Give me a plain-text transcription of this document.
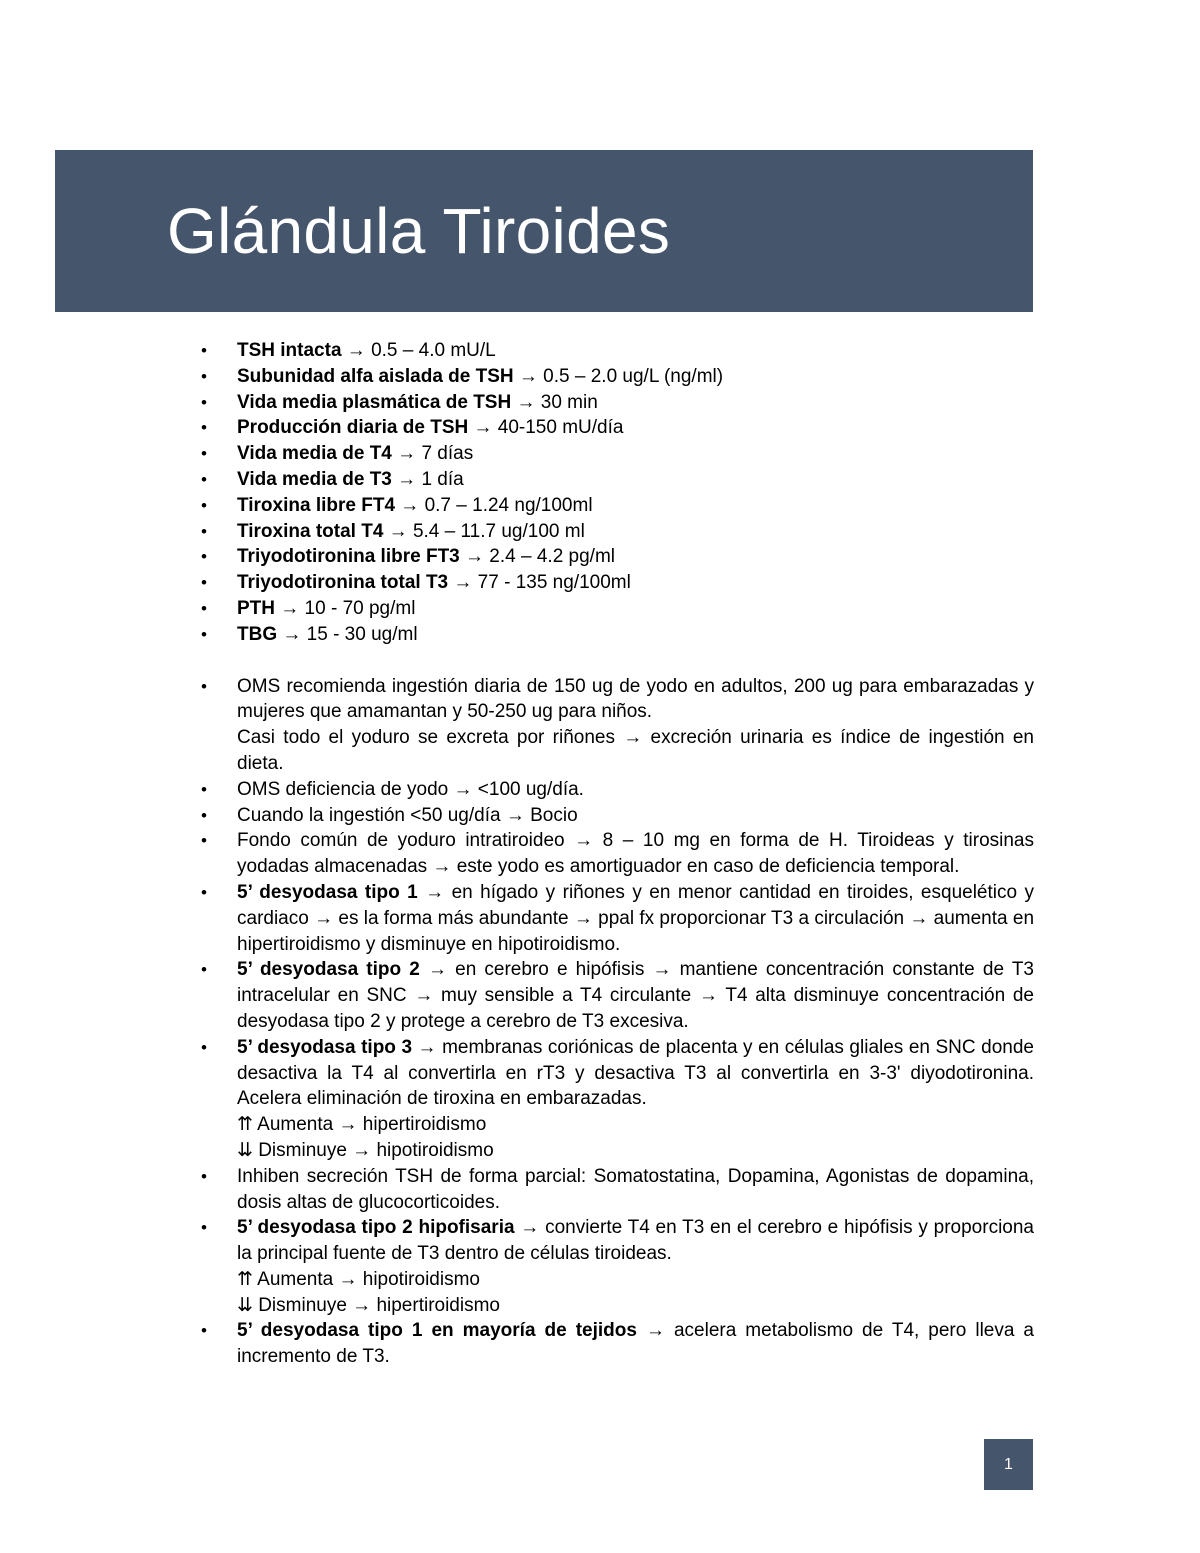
Glándula Tiroides
•	TSH intacta → 0.5 – 4.0 mU/L
•	Subunidad alfa aislada de TSH → 0.5 – 2.0 ug/L (ng/ml)
•	Vida media plasmática de TSH → 30 min
•	Producción diaria de TSH → 40-150 mU/día
•	Vida media de T4 → 7 días
•	Vida media de T3 → 1 día
•	Tiroxina libre FT4 → 0.7 – 1.24 ng/100ml
•	Tiroxina total T4 → 5.4 – 11.7 ug/100 ml
•	Triyodotironina libre FT3 → 2.4 – 4.2 pg/ml
•	Triyodotironina total T3 → 77 - 135 ng/100ml
•	PTH → 10 - 70 pg/ml
•	TBG → 15 - 30 ug/ml
•	OMS recomienda ingestión diaria de 150 ug de yodo en adultos, 200 ug para embarazadas y mujeres que amamantan y 50-250 ug para niños.

Casi todo el yoduro se excreta por riñones → excreción urinaria es índice de ingestión en dieta.

•	OMS deficiencia de yodo → <100 ug/día.

•	Cuando la ingestión <50 ug/día → Bocio

•	Fondo común de yoduro intratiroideo → 8 – 10 mg en forma de H. Tiroideas y tirosinas yodadas almacenadas → este yodo es amortiguador en caso de deficiencia temporal.

•	5’ desyodasa tipo 1 → en hígado y riñones y en menor cantidad en tiroides, esquelético y cardiaco → es la forma más abundante → ppal fx proporcionar T3 a circulación → aumenta en hipertiroidismo y disminuye en hipotiroidismo.

•	5’ desyodasa tipo 2 → en cerebro e hipófisis → mantiene concentración constante de T3 intracelular en SNC → muy sensible a T4 circulante → T4 alta disminuye concentración de desyodasa tipo 2 y protege a cerebro de T3 excesiva.

•	5’ desyodasa tipo 3 → membranas coriónicas de placenta y en células gliales en SNC donde desactiva la T4 al convertirla en rT3 y desactiva T3 al convertirla en 3-3' diyodotironina. Acelera eliminación de tiroxina en embarazadas.

⇈ Aumenta → hipertiroidismo

⇊ Disminuye → hipotiroidismo

•	Inhiben secreción TSH de forma parcial: Somatostatina, Dopamina, Agonistas de dopamina, dosis altas de glucocorticoides.

•	5’ desyodasa tipo 2 hipofisaria → convierte T4 en T3 en el cerebro e hipófisis y proporciona la principal fuente de T3 dentro de células tiroideas.

⇈ Aumenta → hipotiroidismo

⇊ Disminuye → hipertiroidismo

•	5’ desyodasa tipo 1 en mayoría de tejidos → acelera metabolismo de T4, pero lleva a incremento de T3.

1
